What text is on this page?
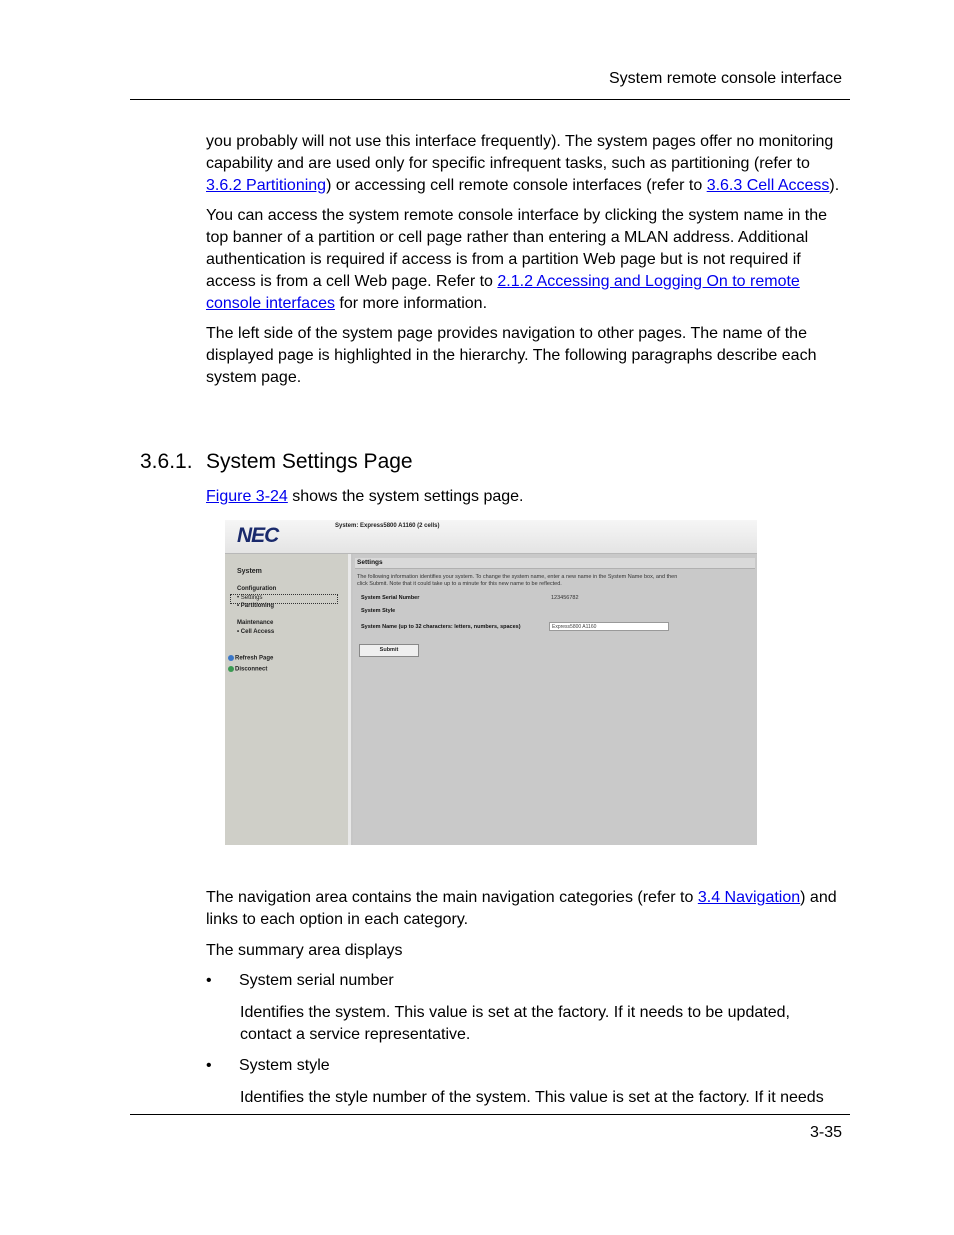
System remote console interface

you probably will not use this interface frequently). The system pages offer no monitoring capability and are used only for specific infrequent tasks, such as partitioning (refer to 3.6.2 Partitioning) or accessing cell remote console interfaces (refer to 3.6.3 Cell Access).

You can access the system remote console interface by clicking the system name in the top banner of a partition or cell page rather than entering a MLAN address. Additional authentication is required if access is from a partition Web page but is not required if access is from a cell Web page. Refer to 2.1.2 Accessing and Logging On to remote console interfaces for more information.

The left side of the system page provides navigation to other pages. The name of the displayed page is highlighted in the hierarchy. The following paragraphs describe each system page.

3.6.1. System Settings Page
Figure 3-24 shows the system settings page.
NEC	System: Express5800 A1160 (2 cells)
System
Configuration
• Settings
• Partitioning
Maintenance
• Cell Access
Refresh Page
Disconnect
Settings
The following information identifies your system. To change the system name, enter a new name in the System Name box, and then
click Submit. Note that it could take up to a minute for this new name to be reflected.
System Serial Number	123456782
System Style
System Name (up to 32 characters: letters, numbers, spaces)	Express5800 A1160
Submit

The navigation area contains the main navigation categories (refer to 3.4 Navigation) and links to each option in each category.

The summary area displays

• System serial number
Identifies the system. This value is set at the factory. If it needs to be updated, contact a service representative.
• System style
Identifies the style number of the system. This value is set at the factory. If it needs
3-35
